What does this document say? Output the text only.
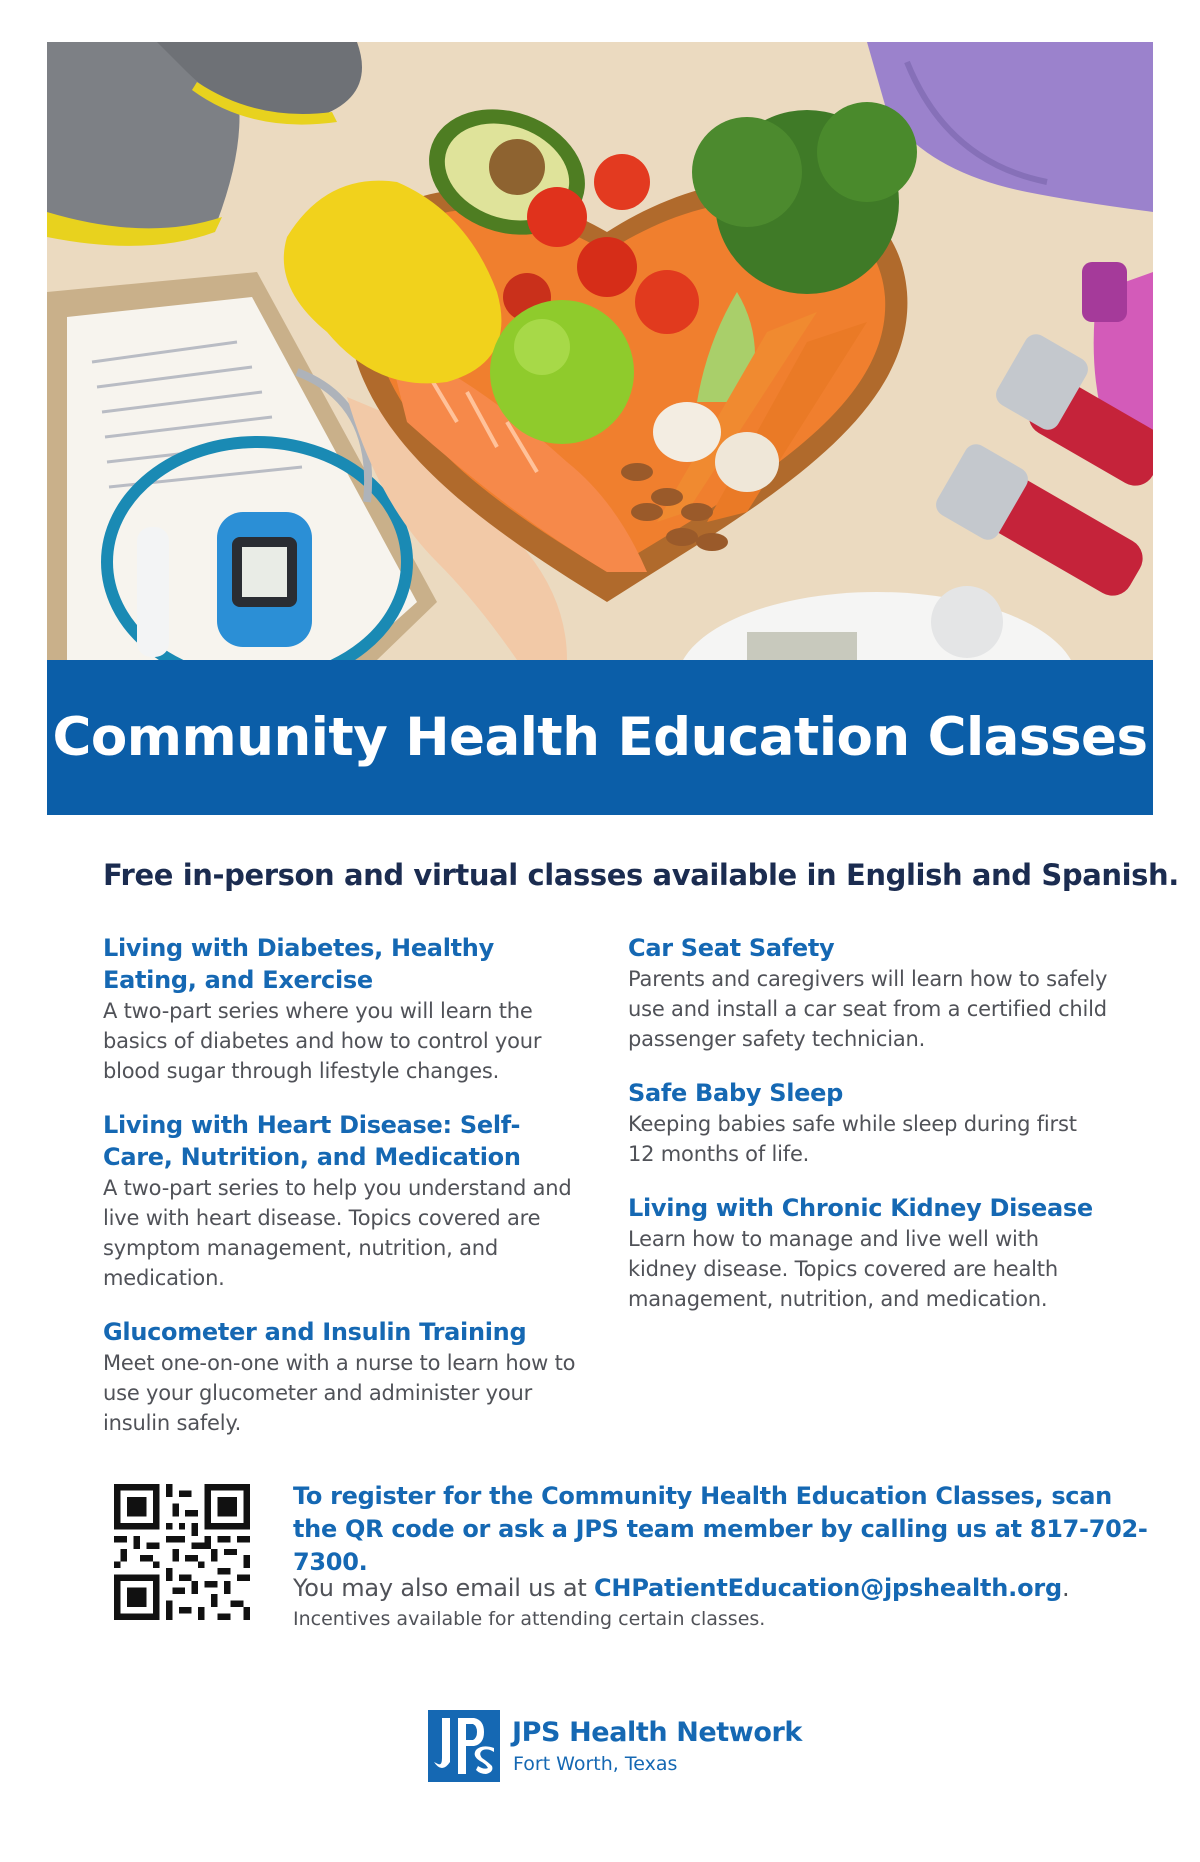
Community Health Education Classes

Free in-person and virtual classes available in English and Spanish.

Living with Diabetes, Healthy Eating, and Exercise

A two-part series where you will learn the basics of diabetes and how to control your blood sugar through lifestyle changes.

Living with Heart Disease: Self-Care, Nutrition, and Medication

A two-part series to help you understand and live with heart disease. Topics covered are symptom management, nutrition, and medication.

Glucometer and Insulin Training

Meet one-on-one with a nurse to learn how to use your glucometer and administer your insulin safely.

Car Seat Safety

Parents and caregivers will learn how to safely use and install a car seat from a certified child passenger safety technician.

Safe Baby Sleep

Keeping babies safe while sleep during first 12 months of life.

Living with Chronic Kidney Disease

Learn how to manage and live well with kidney disease. Topics covered are health management, nutrition, and medication.

To register for the Community Health Education Classes, scan the QR code or ask a JPS team member by calling us at 817-702-7300.

You may also email us at CHPatientEducation@jpshealth.org.

Incentives available for attending certain classes.

JPS Health Network

Fort Worth, Texas
